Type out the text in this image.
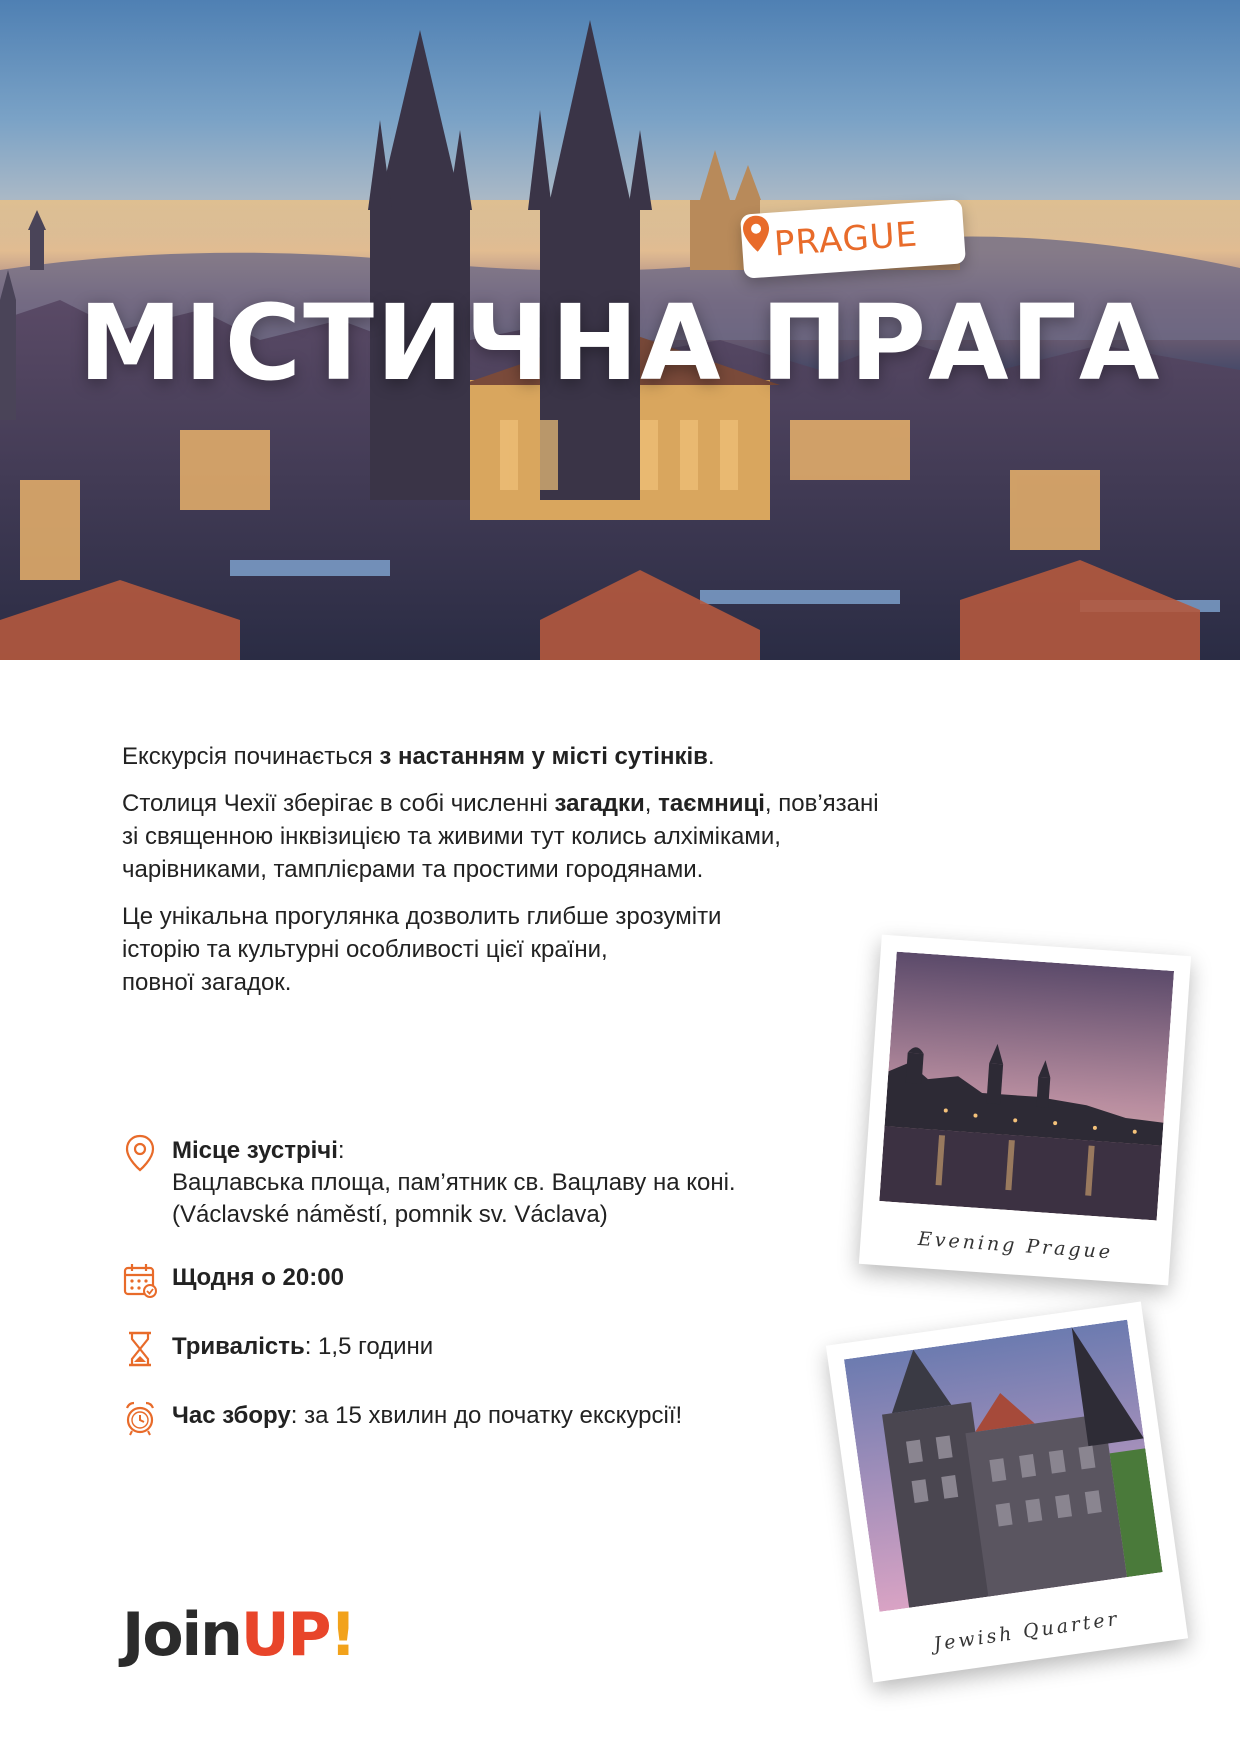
PRAGUE
МІСТИЧНА ПРАГА

Екскурсія починається з настанням у місті сутінків.

Столиця Чехії зберігає в собі численні загадки, таємниці, пов’язані зі священною інквізицією та живими тут колись алхіміками, чарівниками, тамплієрами та простими городянами.

Це унікальна прогулянка дозволить глибше зрозуміти
історію та культурні особливості цієї країни,
повної загадок.

Місце зустрічі:
Вацлавська площа, пам’ятник св. Вацлаву на коні.
(Václavské náměstí, pomnik sv. Václava)
Щодня о 20:00
Тривалість: 1,5 години
Час збору: за 15 хвилин до початку екскурсії!
Evening Prague
Jewish Quarter
JoinUP!
